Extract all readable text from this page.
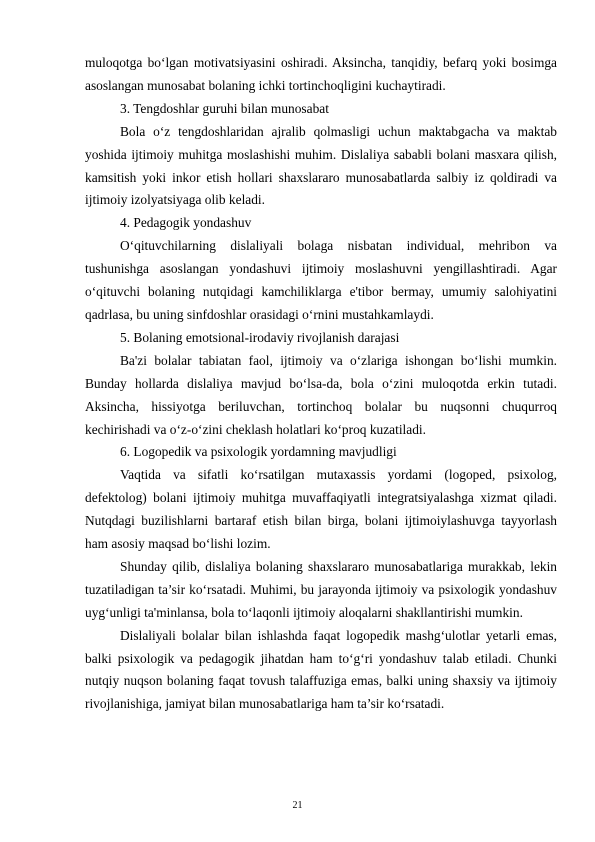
muloqotga bo‘lgan motivatsiyasini oshiradi. Aksincha, tanqidiy, befarq yoki bosimga asoslangan munosabat bolaning ichki tortinchoqligini kuchaytiradi.

3. Tengdoshlar guruhi bilan munosabat

Bola o‘z tengdoshlaridan ajralib qolmasligi uchun maktabgacha va maktab yoshida ijtimoiy muhitga moslashishi muhim. Dislaliya sababli bolani masxara qilish, kamsitish yoki inkor etish hollari shaxslararo munosabatlarda salbiy iz qoldiradi va ijtimoiy izolyatsiyaga olib keladi.

4. Pedagogik yondashuv

O‘qituvchilarning dislaliyali bolaga nisbatan individual, mehribon va tushunishga asoslangan yondashuvi ijtimoiy moslashuvni yengillashtiradi. Agar o‘qituvchi bolaning nutqidagi kamchiliklarga e'tibor bermay, umumiy salohiyatini qadrlasa, bu uning sinfdoshlar orasidagi o‘rnini mustahkamlaydi.

5. Bolaning emotsional-irodaviy rivojlanish darajasi

Ba'zi bolalar tabiatan faol, ijtimoiy va o‘zlariga ishongan bo‘lishi mumkin. Bunday hollarda dislaliya mavjud bo‘lsa-da, bola o‘zini muloqotda erkin tutadi. Aksincha, hissiyotga beriluvchan, tortinchoq bolalar bu nuqsonni chuqurroq kechirishadi va o‘z-o‘zini cheklash holatlari ko‘proq kuzatiladi.

6. Logopedik va psixologik yordamning mavjudligi

Vaqtida va sifatli ko‘rsatilgan mutaxassis yordami (logoped, psixolog, defektolog) bolani ijtimoiy muhitga muvaffaqiyatli integratsiyalashga xizmat qiladi. Nutqdagi buzilishlarni bartaraf etish bilan birga, bolani ijtimoiylashuvga tayyorlash ham asosiy maqsad bo‘lishi lozim.

Shunday qilib, dislaliya bolaning shaxslararo munosabatlariga murakkab, lekin tuzatiladigan ta’sir ko‘rsatadi. Muhimi, bu jarayonda ijtimoiy va psixologik yondashuv uyg‘unligi ta'minlansa, bola to‘laqonli ijtimoiy aloqalarni shakllantirishi mumkin.

Dislaliyali bolalar bilan ishlashda faqat logopedik mashg‘ulotlar yetarli emas, balki psixologik va pedagogik jihatdan ham to‘g‘ri yondashuv talab etiladi. Chunki nutqiy nuqson bolaning faqat tovush talaffuziga emas, balki uning shaxsiy va ijtimoiy rivojlanishiga, jamiyat bilan munosabatlariga ham ta’sir ko‘rsatadi.

21
